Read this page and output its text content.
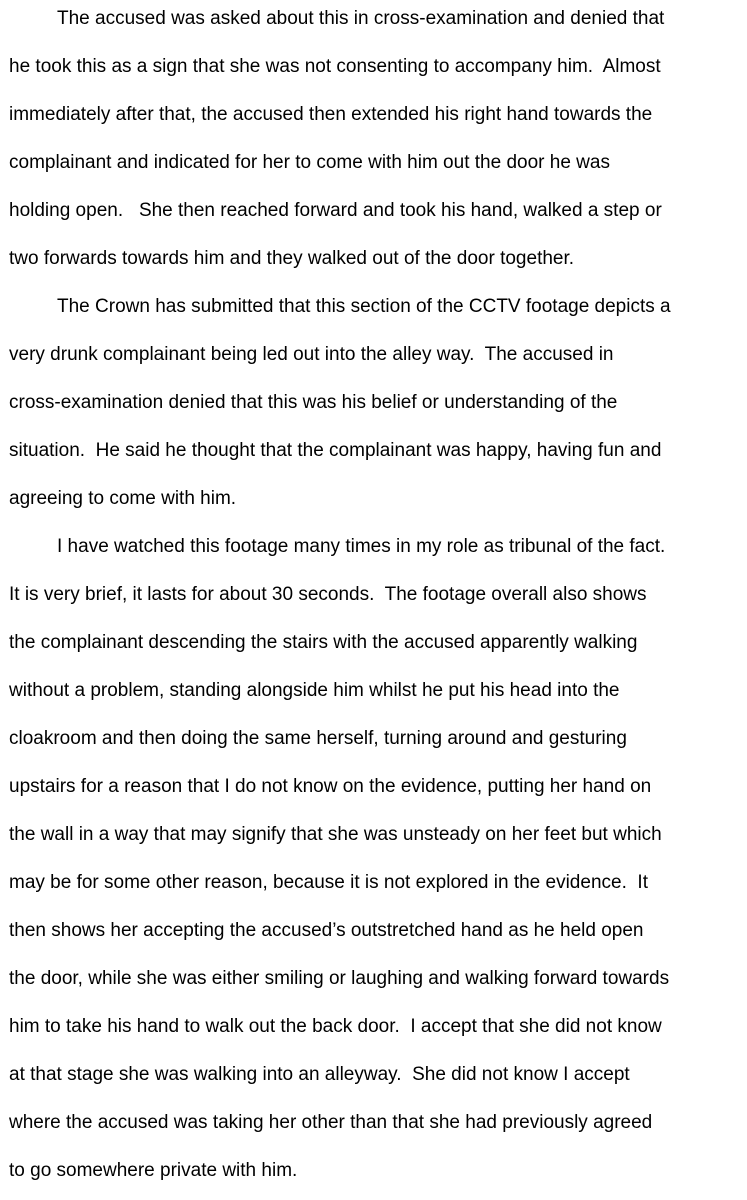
The accused was asked about this in cross-examination and denied that

he took this as a sign that she was not consenting to accompany him.  Almost

immediately after that, the accused then extended his right hand towards the

complainant and indicated for her to come with him out the door he was

holding open.   She then reached forward and took his hand, walked a step or

two forwards towards him and they walked out of the door together.

The Crown has submitted that this section of the CCTV footage depicts a

very drunk complainant being led out into the alley way.  The accused in

cross-examination denied that this was his belief or understanding of the

situation.  He said he thought that the complainant was happy, having fun and

agreeing to come with him.

I have watched this footage many times in my role as tribunal of the fact.

It is very brief, it lasts for about 30 seconds.  The footage overall also shows

the complainant descending the stairs with the accused apparently walking

without a problem, standing alongside him whilst he put his head into the

cloakroom and then doing the same herself, turning around and gesturing

upstairs for a reason that I do not know on the evidence, putting her hand on

the wall in a way that may signify that she was unsteady on her feet but which

may be for some other reason, because it is not explored in the evidence.  It

then shows her accepting the accused’s outstretched hand as he held open

the door, while she was either smiling or laughing and walking forward towards

him to take his hand to walk out the back door.  I accept that she did not know

at that stage she was walking into an alleyway.  She did not know I accept

where the accused was taking her other than that she had previously agreed

to go somewhere private with him.
